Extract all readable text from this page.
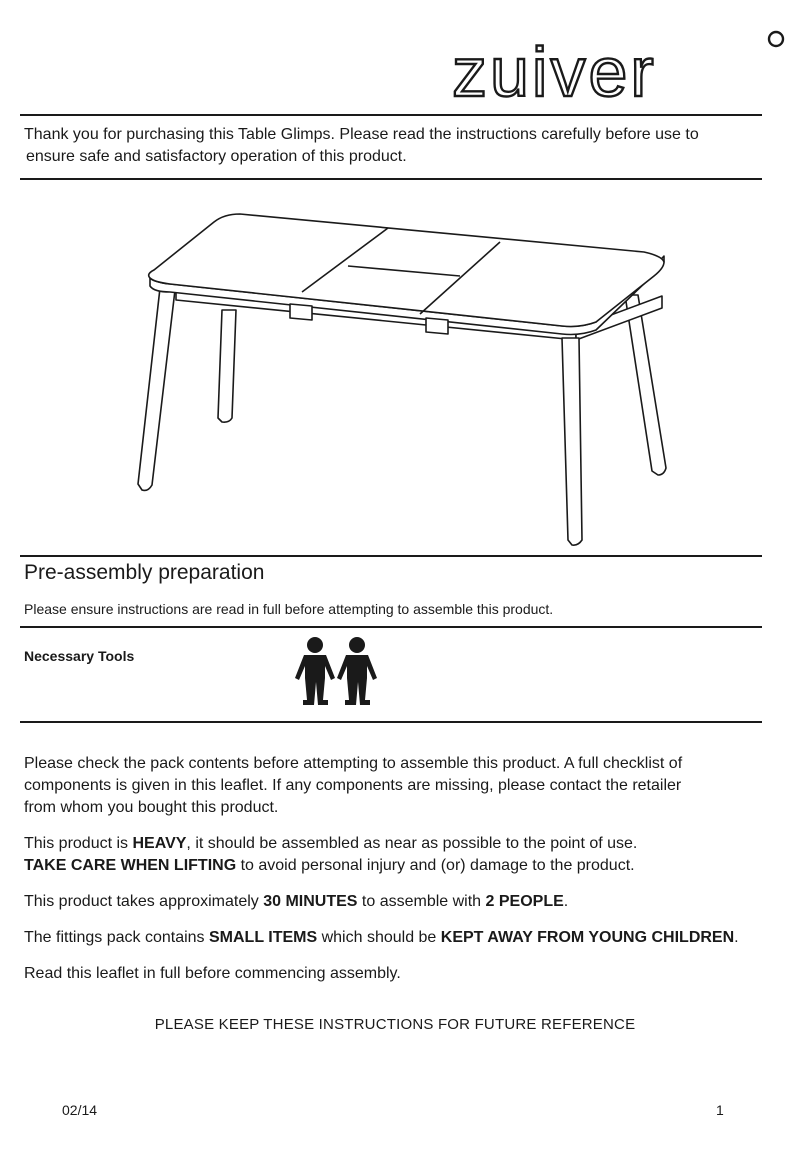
zuiver
Thank you for purchasing this Table Glimps. Please read the instructions carefully before use to
ensure safe and satisfactory operation of this product.
Pre-assembly preparation
Please ensure instructions are read in full before attempting to assemble this product.
Necessary Tools

Please check the pack contents before attempting to assemble this product. A full checklist of
components is given in this leaflet. If any components are missing, please contact the retailer
from whom you bought this product.

This product is HEAVY, it should be assembled as near as possible to the point of use.
TAKE CARE WHEN LIFTING to avoid personal injury and (or) damage to the product.

This product takes approximately 30 MINUTES to assemble with 2 PEOPLE.

The fittings pack contains SMALL ITEMS which should be KEPT AWAY FROM YOUNG CHILDREN.

Read this leaflet in full before commencing assembly.

PLEASE KEEP THESE INSTRUCTIONS FOR FUTURE REFERENCE
02/14	1
